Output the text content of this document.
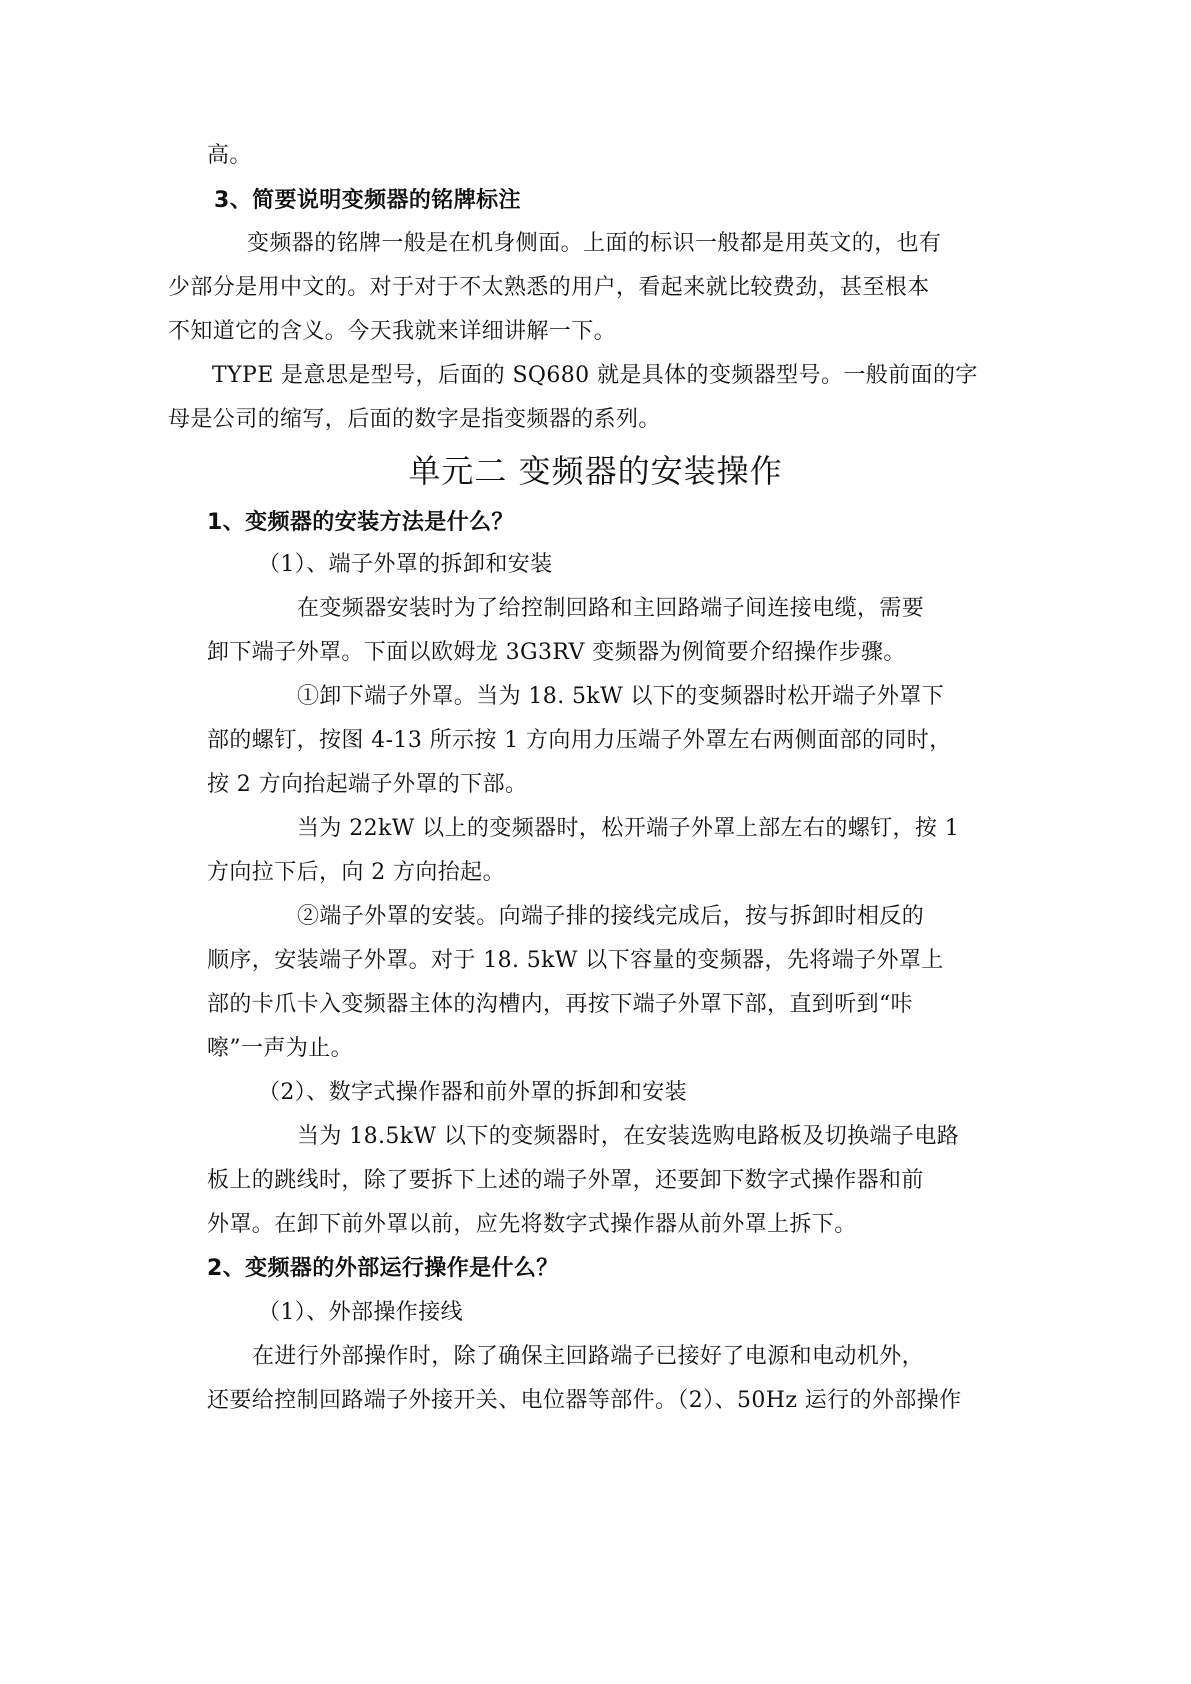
高。
3、简要说明变频器的铭牌标注
变频器的铭牌一般是在机身侧面。上面的标识一般都是用英文的，也有
少部分是用中文的。对于对于不太熟悉的用户，看起来就比较费劲，甚至根本
不知道它的含义。今天我就来详细讲解一下。
TYPE 是意思是型号，后面的 SQ680 就是具体的变频器型号。一般前面的字
母是公司的缩写，后面的数字是指变频器的系列。
单元二 变频器的安装操作
1、变频器的安装方法是什么？
（1）、端子外罩的拆卸和安装
在变频器安装时为了给控制回路和主回路端子间连接电缆，需要
卸下端子外罩。下面以欧姆龙 3G3RV 变频器为例简要介绍操作步骤。
①卸下端子外罩。当为 18. 5kW 以下的变频器时松开端子外罩下
部的螺钉，按图 4-13 所示按 1 方向用力压端子外罩左右两侧面部的同时，
按 2 方向抬起端子外罩的下部。
当为 22kW 以上的变频器时，松开端子外罩上部左右的螺钉，按 1
方向拉下后，向 2 方向抬起。
②端子外罩的安装。向端子排的接线完成后，按与拆卸时相反的
顺序，安装端子外罩。对于 18. 5kW 以下容量的变频器，先将端子外罩上
部的卡爪卡入变频器主体的沟槽内，再按下端子外罩下部，直到听到“咔
嚓”一声为止。
（2）、数字式操作器和前外罩的拆卸和安装
当为 18.5kW 以下的变频器时，在安装选购电路板及切换端子电路
板上的跳线时，除了要拆下上述的端子外罩，还要卸下数字式操作器和前
外罩。在卸下前外罩以前，应先将数字式操作器从前外罩上拆下。
2、变频器的外部运行操作是什么？
（1）、外部操作接线
在进行外部操作时，除了确保主回路端子已接好了电源和电动机外，
还要给控制回路端子外接开关、电位器等部件。（2）、50Hz 运行的外部操作
